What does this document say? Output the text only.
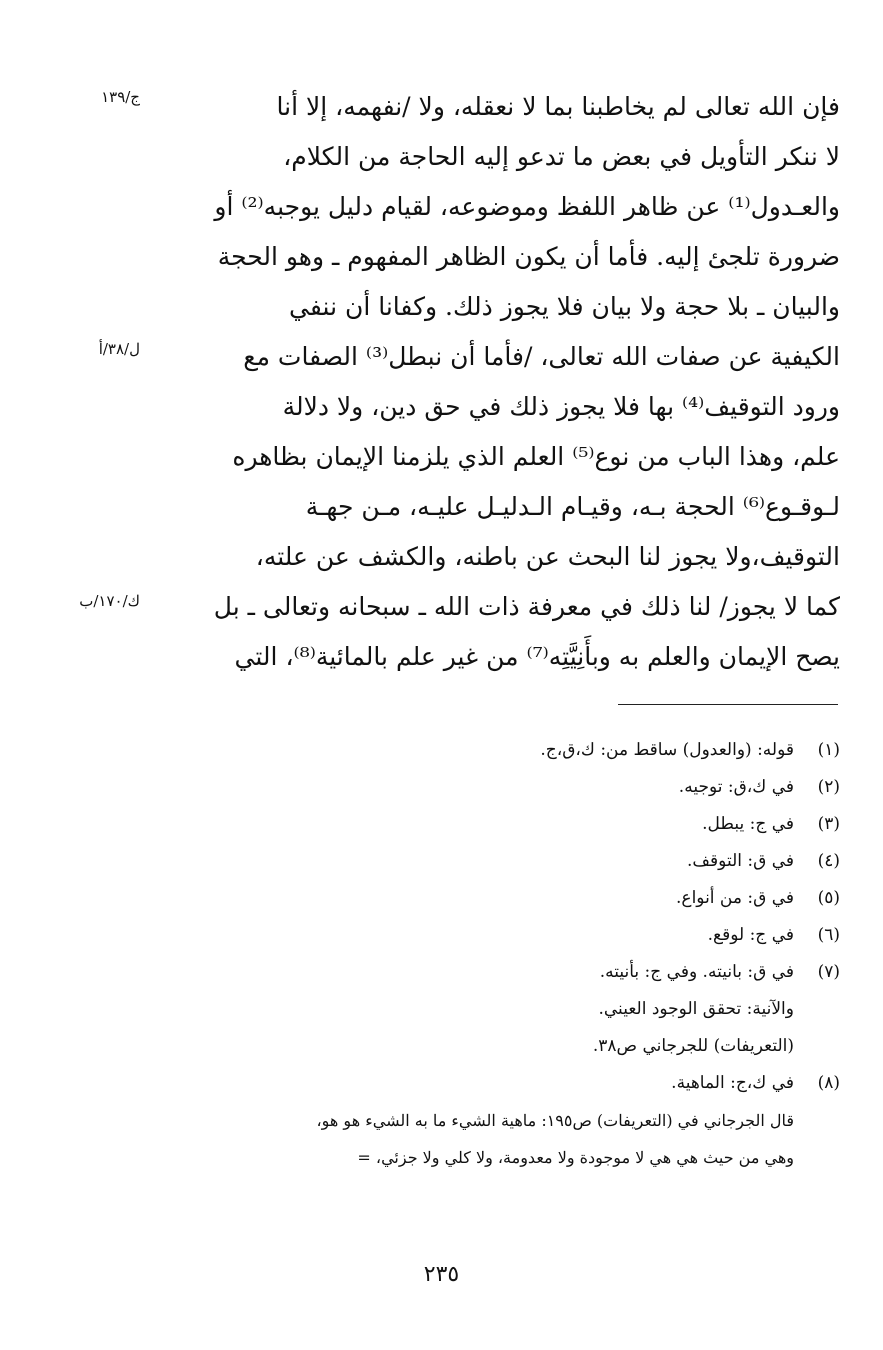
فإن الله تعالى لم يخاطبنا بما لا نعقله، ولا /نفهمه، إلا أنا
لا ننكر التأويل في بعض ما تدعو إليه الحاجة من الكلام،
والعـدول⁽¹⁾ عن ظاهر اللفظ وموضوعه، لقيام دليل يوجبه⁽²⁾ أو
ضرورة تلجئ إليه. فأما أن يكون الظاهر المفهوم ـ وهو الحجة
والبيان ـ بلا حجة ولا بيان فلا يجوز ذلك. وكفانا أن ننفي
الكيفية عن صفات الله تعالى، /فأما أن نبطل⁽³⁾ الصفات مع
ورود التوقيف⁽⁴⁾ بها فلا يجوز ذلك في حق دين، ولا دلالة
علم، وهذا الباب من نوع⁽⁵⁾ العلم الذي يلزمنا الإيمان بظاهره
لـوقـوع⁽⁶⁾ الحجة بـه، وقيـام الـدليـل عليـه، مـن جهـة
التوقيف،ولا يجوز لنا البحث عن باطنه، والكشف عن علته،
كما لا يجوز/ لنا ذلك في معرفة ذات الله ـ سبحانه وتعالى ـ بل
يصح الإيمان والعلم به وبأَنِيَّتِه⁽⁷⁾ من غير علم بالمائية⁽⁸⁾، التي
ج/١٣٩
ل/٣٨/أ
ك/١٧٠/ب
(١)
قوله: (والعدول) ساقط من: ك،ق،ج.
(٢)
في ك،ق: توجيه.
(٣)
في ج: يبطل.
(٤)
في ق: التوقف.
(٥)
في ق: من أنواع.
(٦)
في ج: لوقع.
(٧)
في ق: بانيته. وفي ج: بأنيته.
والآنية: تحقق الوجود العيني.
(التعريفات) للجرجاني ص٣٨.
(٨)
في ك،ج: الماهية.
قال الجرجاني في (التعريفات) ص١٩٥: ماهية الشيء ما به الشيء هو هو،
وهي من حيث هي هي لا موجودة ولا معدومة، ولا كلي ولا جزئي، =
٢٣٥
